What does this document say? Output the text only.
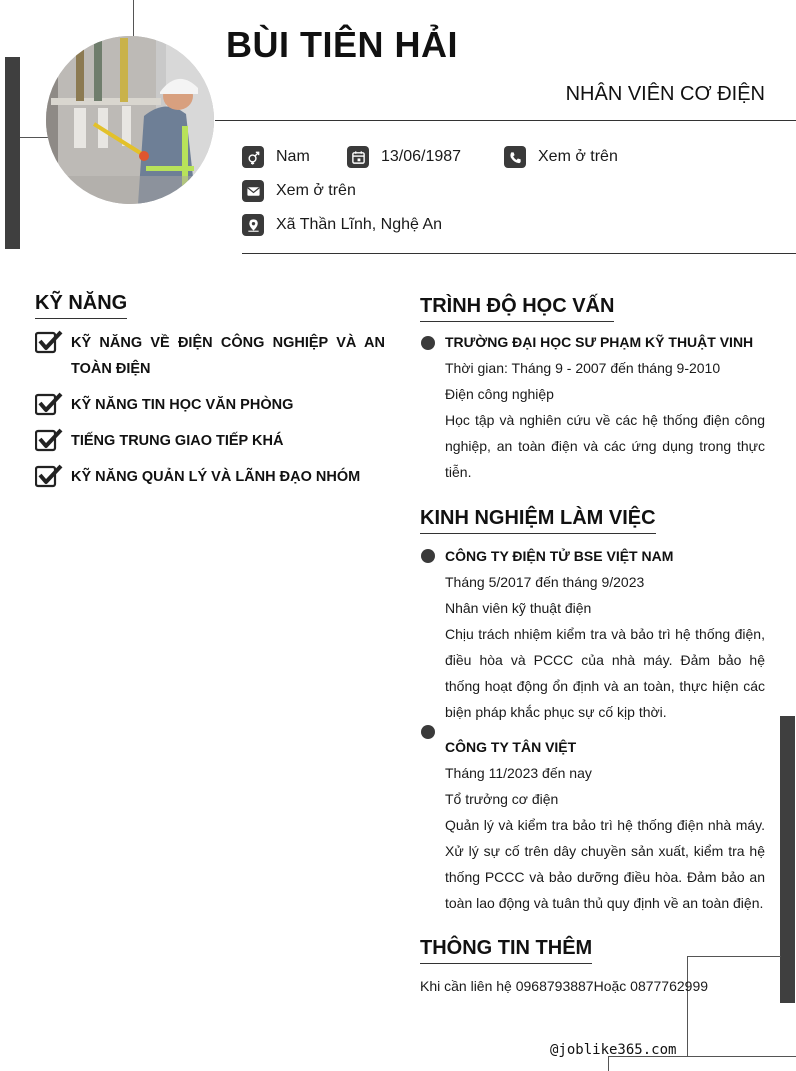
BÙI TIÊN HẢI
NHÂN VIÊN CƠ ĐIỆN
Nam	13/06/1987	Xem ở trên
Xem ở trên
Xã Thần Lĩnh, Nghệ An
KỸ NĂNG
KỸ NĂNG VỀ ĐIỆN CÔNG NGHIỆP VÀ AN TOÀN ĐIỆN
KỸ NĂNG TIN HỌC VĂN PHÒNG
TIẾNG TRUNG GIAO TIẾP KHÁ
KỸ NĂNG QUẢN LÝ VÀ LÃNH ĐẠO NHÓM
TRÌNH ĐỘ HỌC VẤN
TRƯỜNG ĐẠI HỌC SƯ PHẠM KỸ THUẬT VINH
Thời gian: Tháng 9 - 2007 đến tháng 9-2010
Điện công nghiệp
Học tập và nghiên cứu về các hệ thống điện công nghiệp, an toàn điện và các ứng dụng trong thực tiễn.
KINH NGHIỆM LÀM VIỆC
CÔNG TY ĐIỆN TỬ BSE VIỆT NAM
Tháng 5/2017 đến tháng 9/2023
Nhân viên kỹ thuật điện
Chịu trách nhiệm kiểm tra và bảo trì hệ thống điện, điều hòa và PCCC của nhà máy. Đảm bảo hệ thống hoạt động ổn định và an toàn, thực hiện các biện pháp khắc phục sự cố kịp thời.
CÔNG TY TÂN VIỆT
Tháng 11/2023 đến nay
Tổ trưởng cơ điện
Quản lý và kiểm tra bảo trì hệ thống điện nhà máy. Xử lý sự cố trên dây chuyền sản xuất, kiểm tra hệ thống PCCC và bảo dưỡng điều hòa. Đảm bảo an toàn lao động và tuân thủ quy định về an toàn điện.
THÔNG TIN THÊM
Khi cần liên hệ 0968793887Hoặc 0877762999
@joblike365.com
